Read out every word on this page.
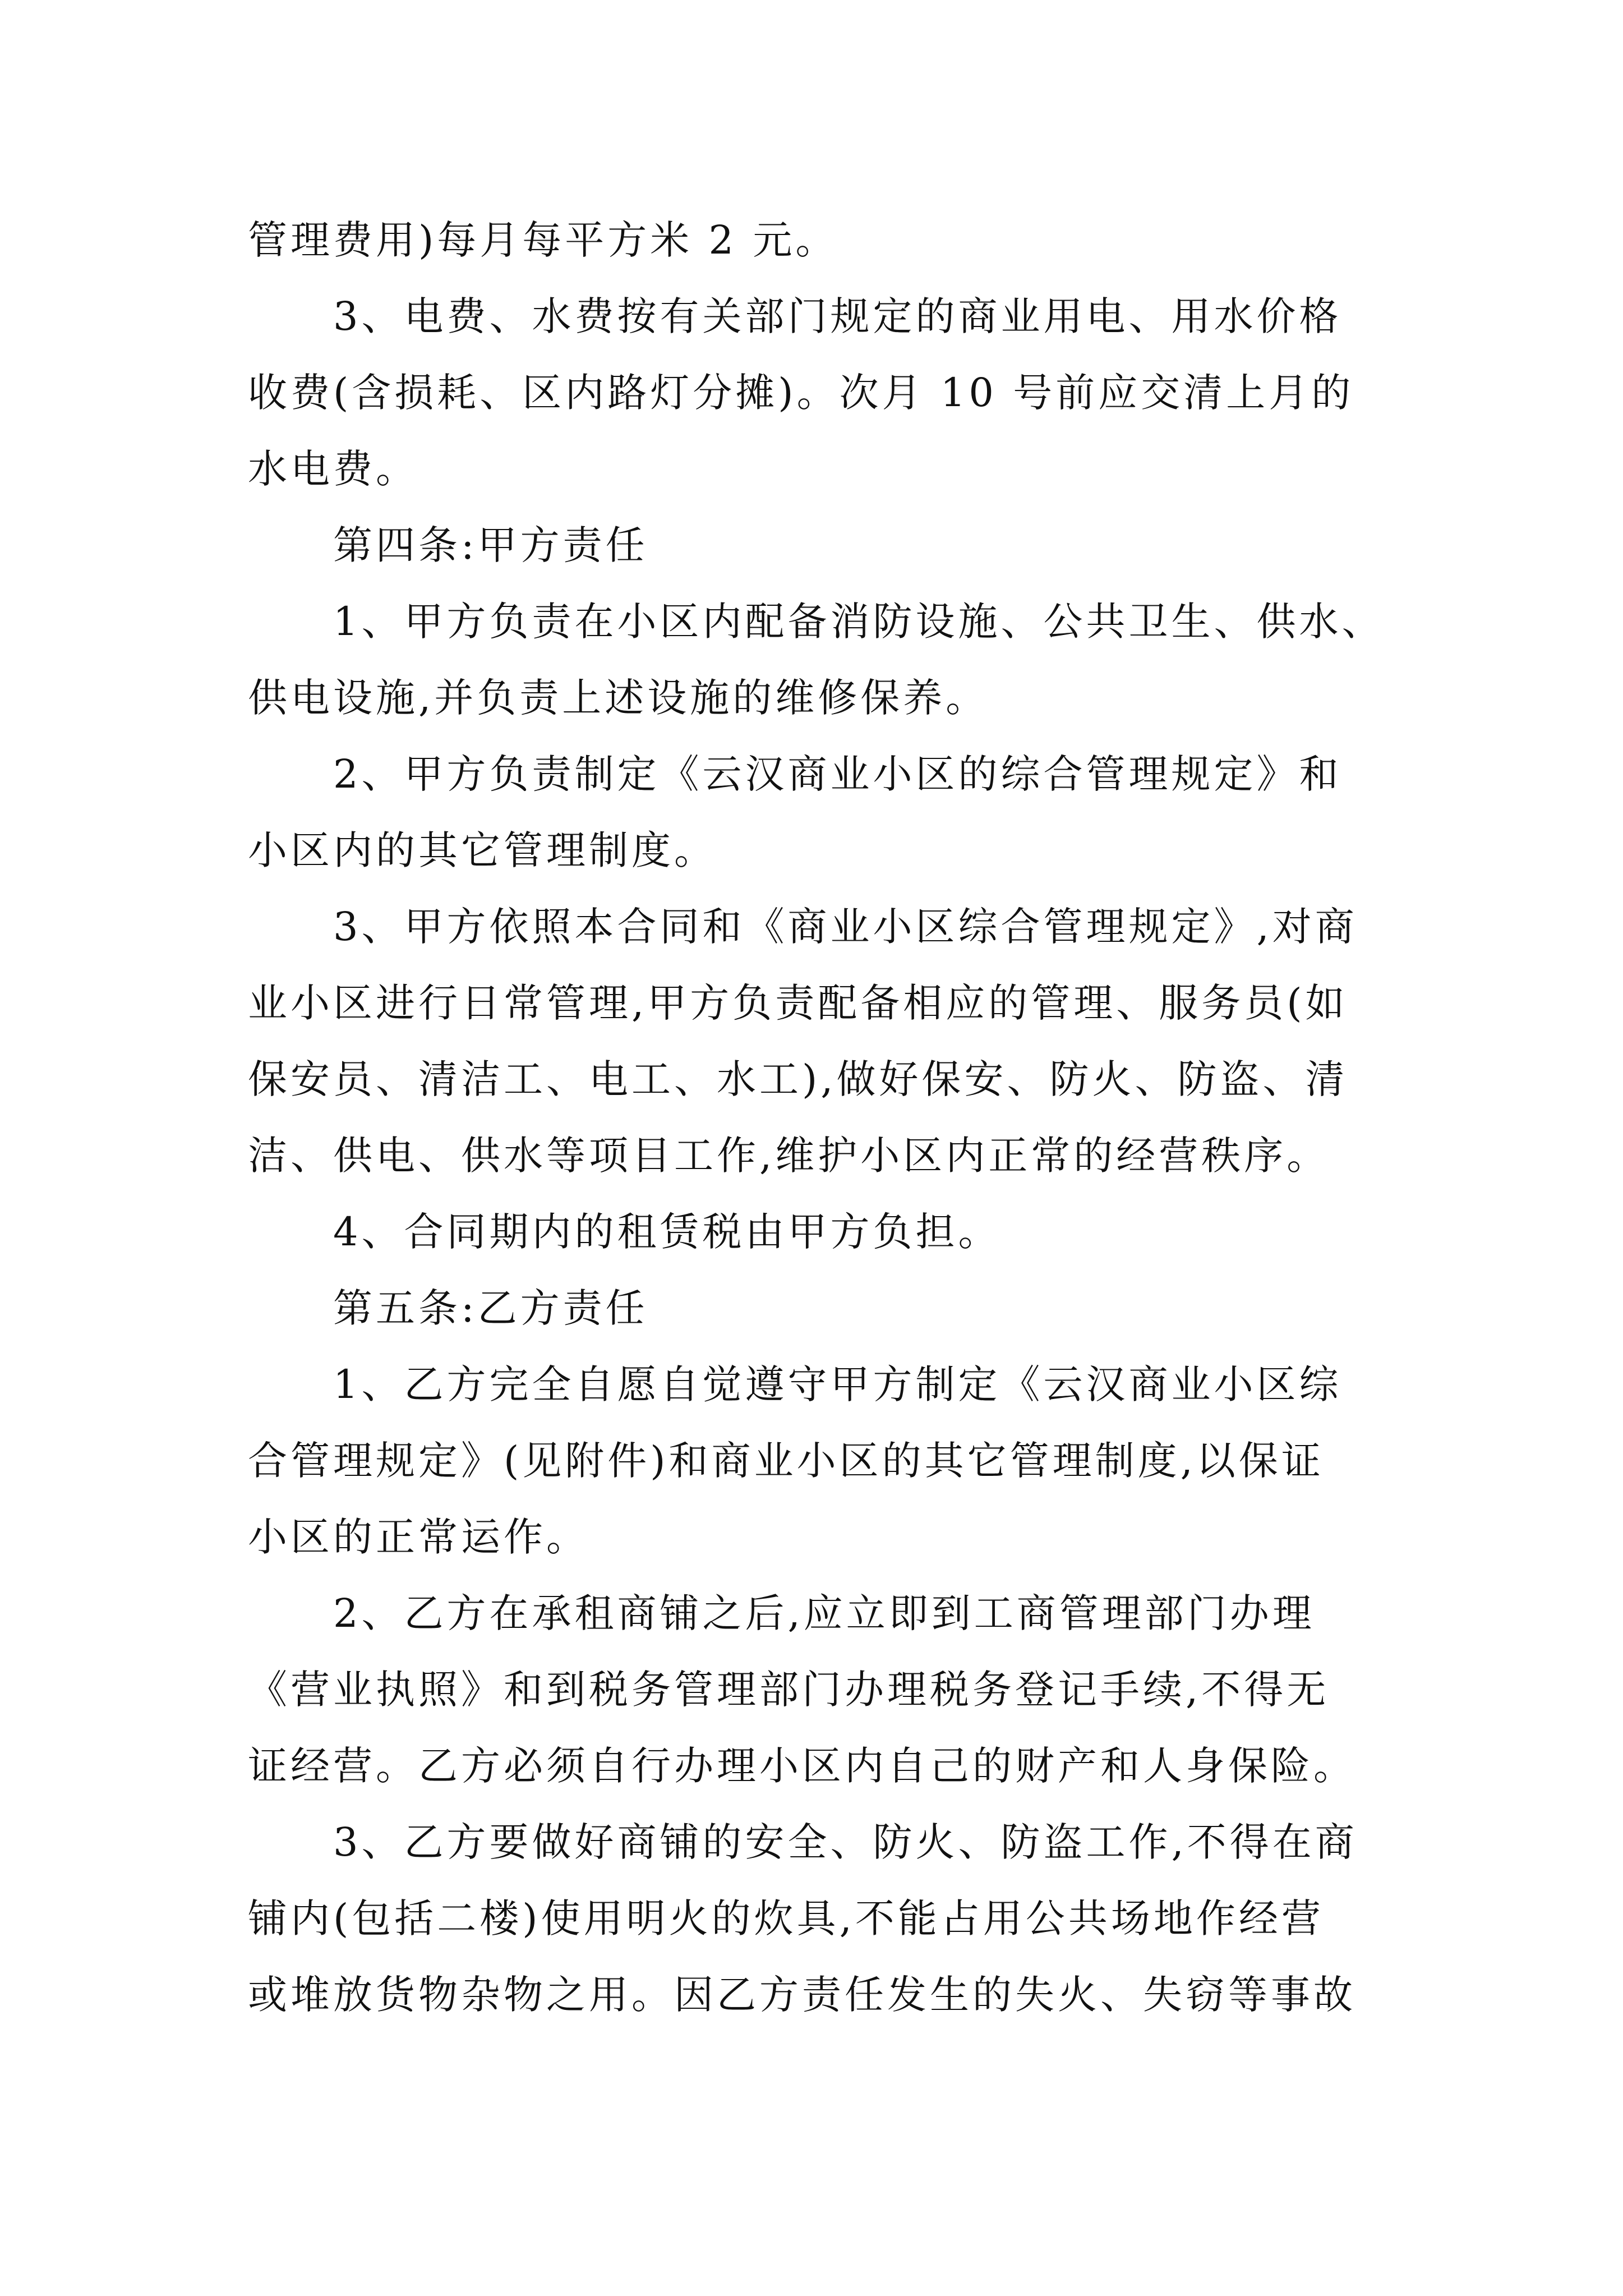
管理费用)每月每平方米 2 元。

3、电费、水费按有关部门规定的商业用电、用水价格
收费(含损耗、区内路灯分摊)。次月 10 号前应交清上月的
水电费。

第四条:甲方责任

1、甲方负责在小区内配备消防设施、公共卫生、供水、
供电设施,并负责上述设施的维修保养。

2、甲方负责制定《云汉商业小区的综合管理规定》和
小区内的其它管理制度。

3、甲方依照本合同和《商业小区综合管理规定》,对商
业小区进行日常管理,甲方负责配备相应的管理、服务员(如
保安员、清洁工、电工、水工),做好保安、防火、防盗、清
洁、供电、供水等项目工作,维护小区内正常的经营秩序。

4、合同期内的租赁税由甲方负担。

第五条:乙方责任

1、乙方完全自愿自觉遵守甲方制定《云汉商业小区综
合管理规定》(见附件)和商业小区的其它管理制度,以保证
小区的正常运作。

2、乙方在承租商铺之后,应立即到工商管理部门办理
《营业执照》和到税务管理部门办理税务登记手续,不得无
证经营。乙方必须自行办理小区内自己的财产和人身保险。

3、乙方要做好商铺的安全、防火、防盗工作,不得在商
铺内(包括二楼)使用明火的炊具,不能占用公共场地作经营
或堆放货物杂物之用。因乙方责任发生的失火、失窃等事故
